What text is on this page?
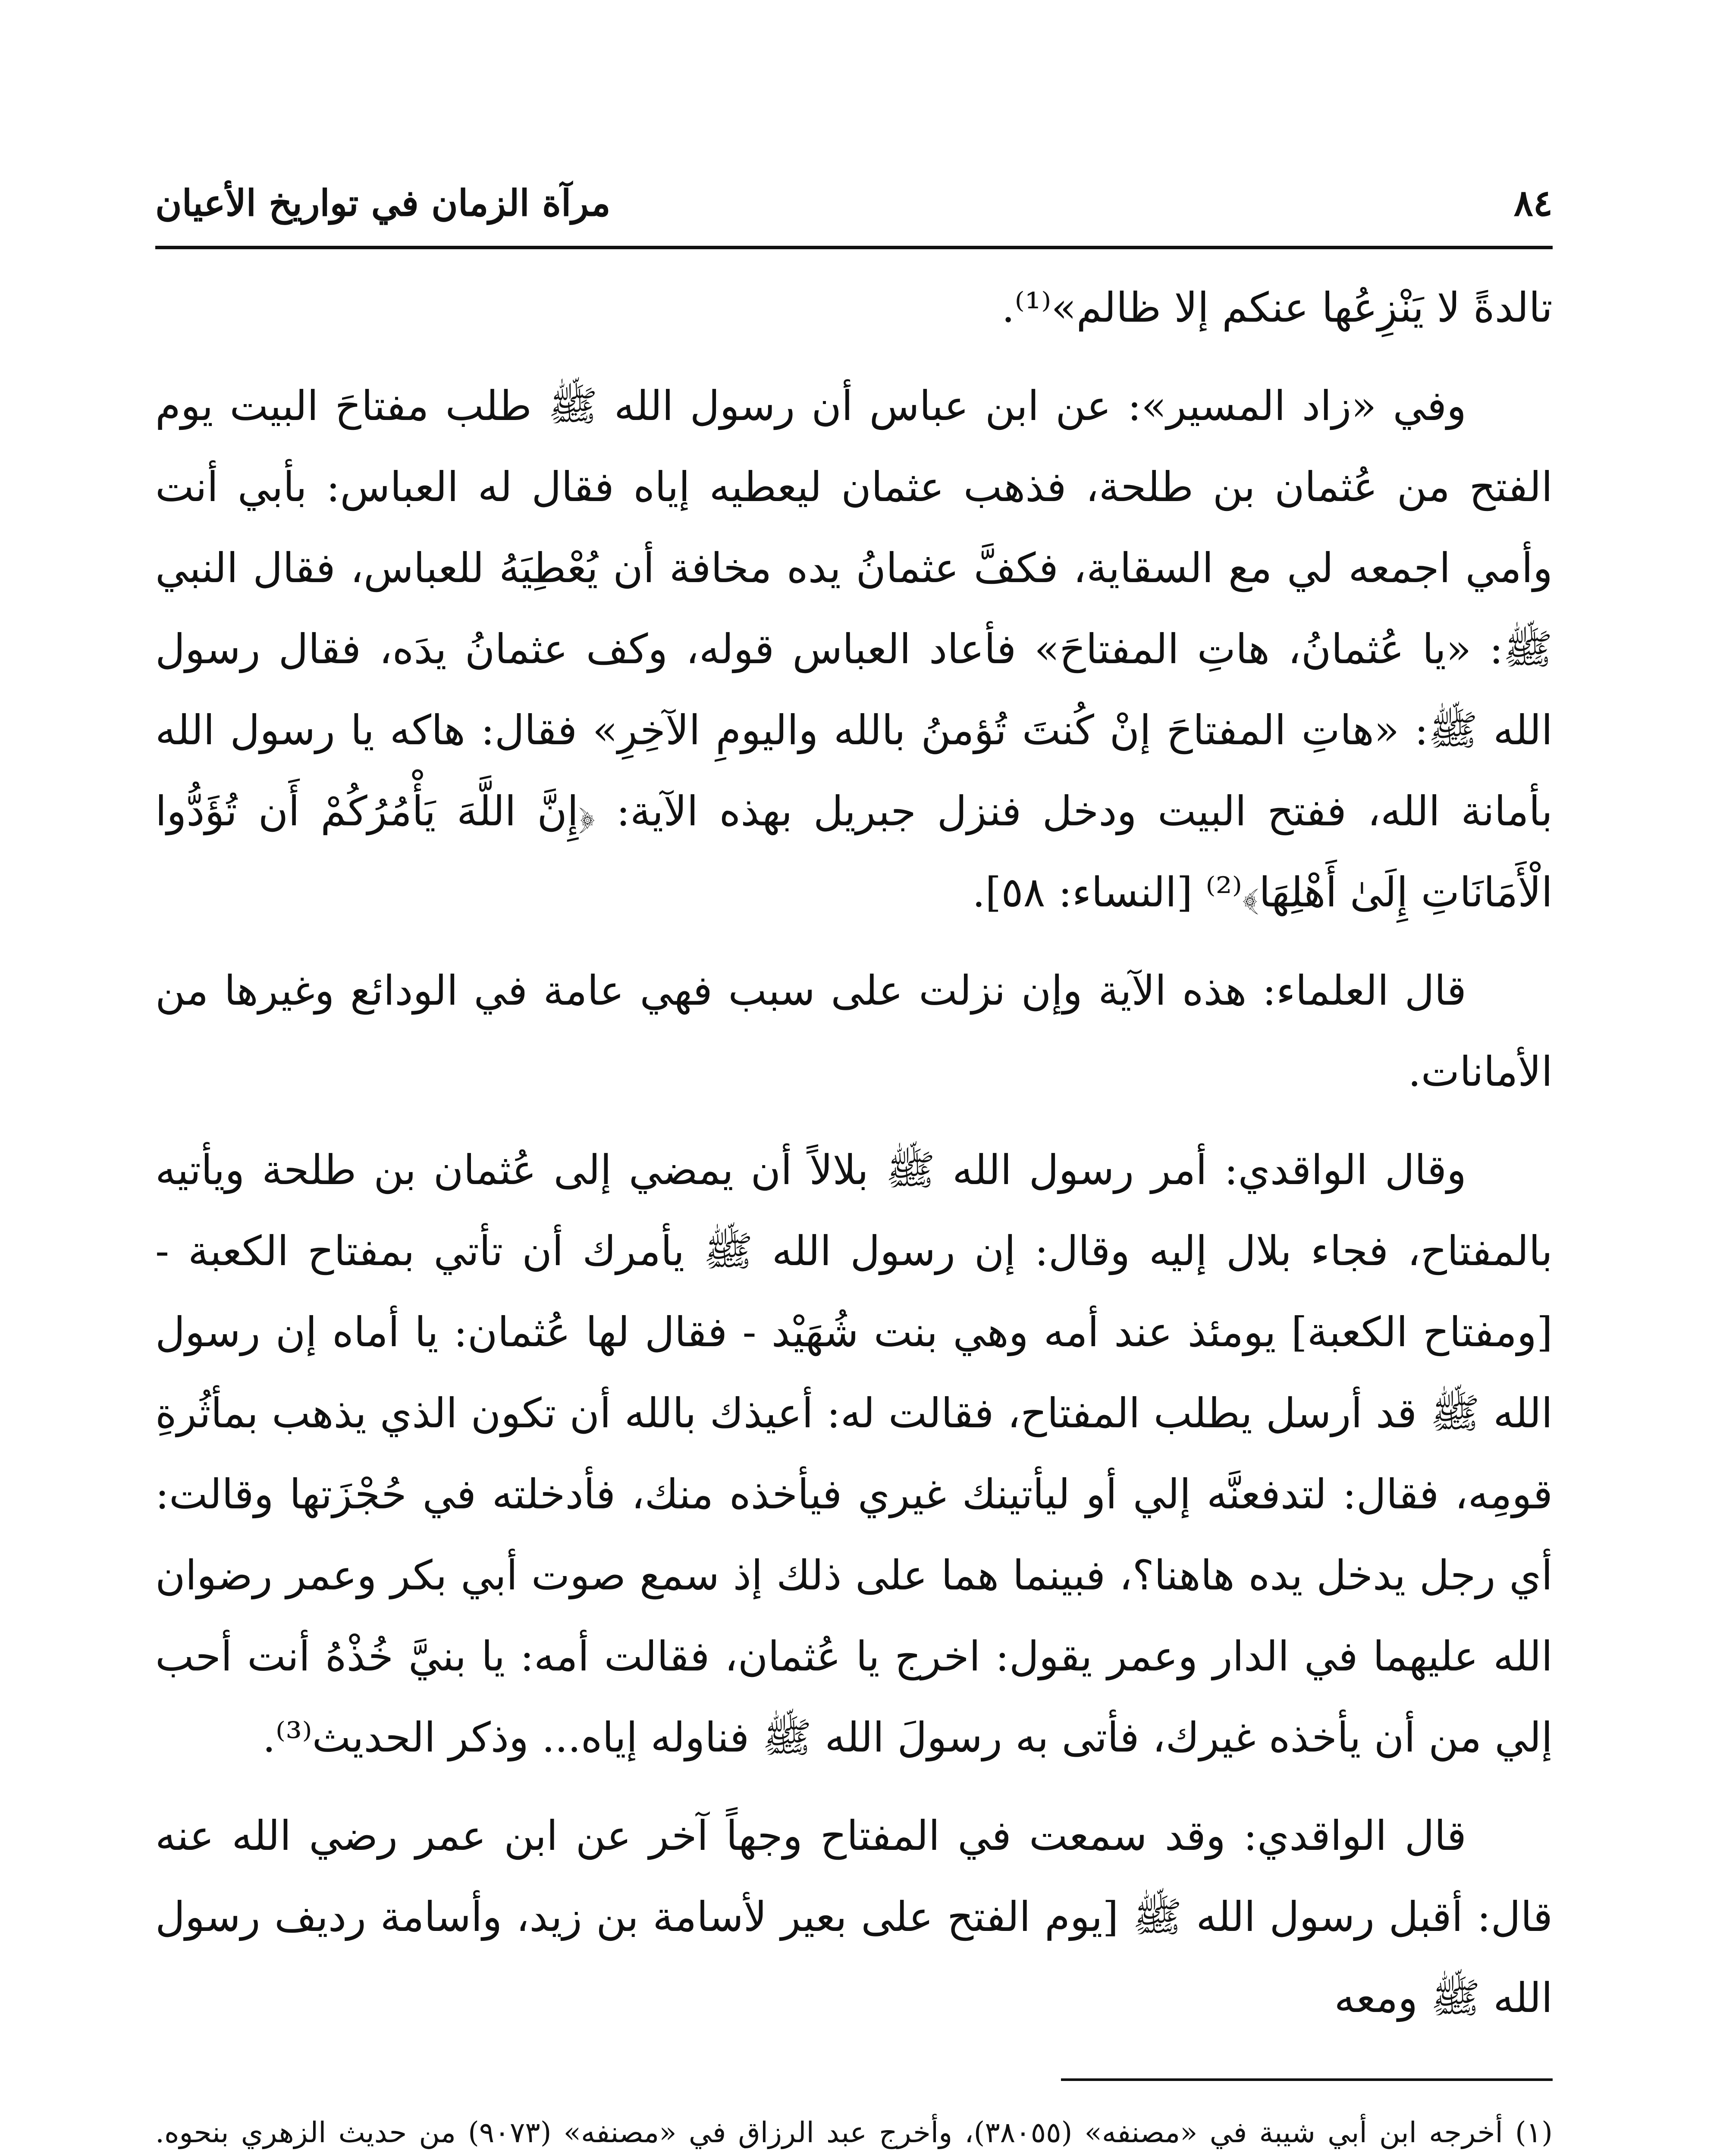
مرآة الزمان في تواريخ الأعيان	٨٤

تالدةً لا يَنْزِعُها عنكم إلا ظالم»⁽¹⁾.

وفي «زاد المسير»: عن ابن عباس أن رسول الله ﷺ طلب مفتاحَ البيت يوم الفتح من عُثمان بن طلحة، فذهب عثمان ليعطيه إياه فقال له العباس: بأبي أنت وأمي اجمعه لي مع السقاية، فكفَّ عثمانُ يده مخافة أن يُعْطِيَهُ للعباس، فقال النبي ﷺ: «يا عُثمانُ، هاتِ المفتاحَ» فأعاد العباس قوله، وكف عثمانُ يدَه، فقال رسول الله ﷺ: «هاتِ المفتاحَ إنْ كُنتَ تُؤمنُ بالله واليومِ الآخِرِ» فقال: هاكه يا رسول الله بأمانة الله، ففتح البيت ودخل فنزل جبريل بهذه الآية: ﴿إِنَّ اللَّهَ يَأْمُرُكُمْ أَن تُؤَدُّوا الْأَمَانَاتِ إِلَىٰ أَهْلِهَا﴾⁽²⁾ [النساء: ٥٨].

قال العلماء: هذه الآية وإن نزلت على سبب فهي عامة في الودائع وغيرها من الأمانات.

وقال الواقدي: أمر رسول الله ﷺ بلالاً أن يمضي إلى عُثمان بن طلحة ويأتيه بالمفتاح، فجاء بلال إليه وقال: إن رسول الله ﷺ يأمرك أن تأتي بمفتاح الكعبة - [ومفتاح الكعبة] يومئذ عند أمه وهي بنت شُهَيْد - فقال لها عُثمان: يا أماه إن رسول الله ﷺ قد أرسل يطلب المفتاح، فقالت له: أعيذك بالله أن تكون الذي يذهب بمأثُرةِ قومِه، فقال: لتدفعنَّه إلي أو ليأتينك غيري فيأخذه منك، فأدخلته في حُجْزَتها وقالت: أي رجل يدخل يده هاهنا؟، فبينما هما على ذلك إذ سمع صوت أبي بكر وعمر رضوان الله عليهما في الدار وعمر يقول: اخرج يا عُثمان، فقالت أمه: يا بنيَّ خُذْهُ أنت أحب إلي من أن يأخذه غيرك، فأتى به رسولَ الله ﷺ فناوله إياه... وذكر الحديث⁽³⁾.

قال الواقدي: وقد سمعت في المفتاح وجهاً آخر عن ابن عمر رضي الله عنه قال: أقبل رسول الله ﷺ [يوم الفتح على بعير لأسامة بن زيد، وأسامة رديف رسول الله ﷺ ومعه

(١) أخرجه ابن أبي شيبة في «مصنفه» (٣٨٠٥٥)، وأخرج عبد الرزاق في «مصنفه» (٩٠٧٣) من حديث الزهري بنحوه.
